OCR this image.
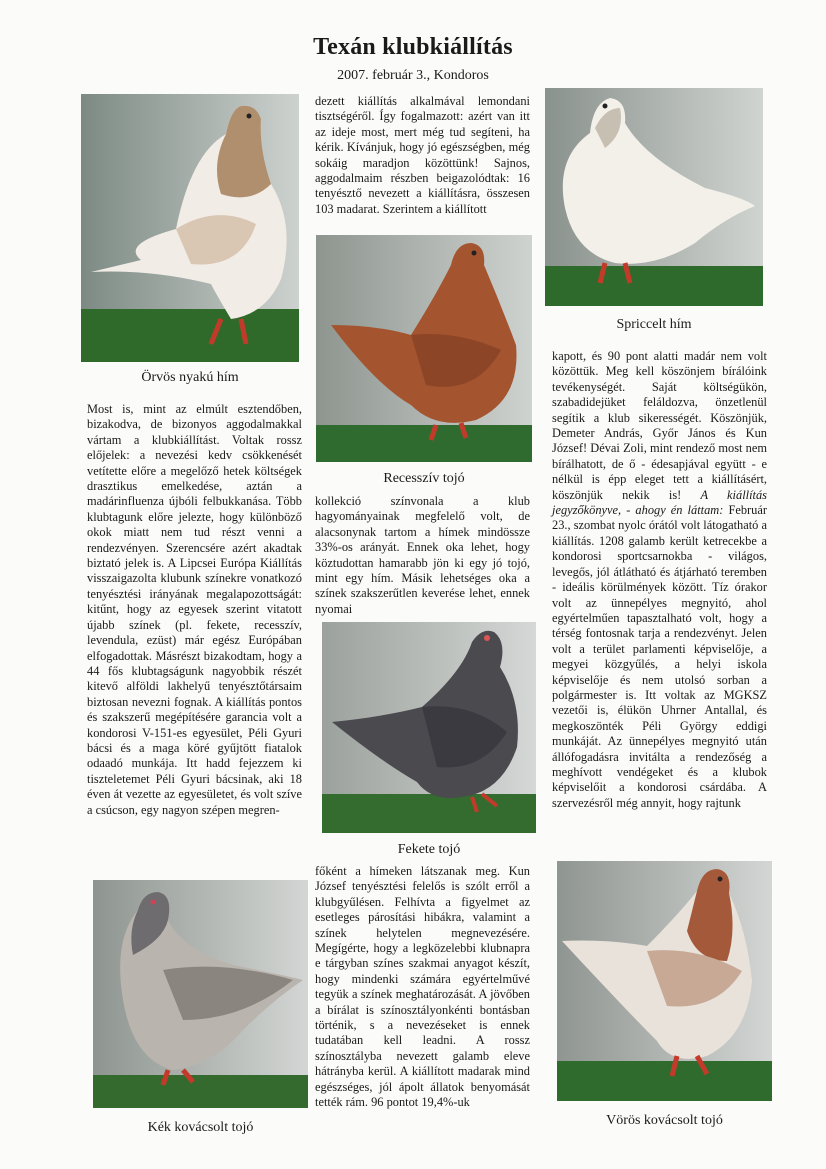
Texán klubkiállítás
2007. február 3., Kondoros
Örvös nyakú hím

Most is, mint az elmúlt esztendőben, bizakodva, de bizonyos aggodalmakkal vártam a klubkiállítást. Voltak rossz előjelek: a nevezési kedv csökkenését vetítette előre a megelőző hetek költségek drasztikus emelkedése, aztán a madárinfluenza újbóli felbukkanása. Több klubtagunk előre jelezte, hogy különböző okok miatt nem tud részt venni a rendezvényen. Szerencsére azért akadtak biztató jelek is. A Lipcsei Európa Kiállítás visszaigazolta klubunk színekre vonatkozó tenyésztési irányának megalapozottságát: kitűnt, hogy az egyesek szerint vitatott újabb színek (pl. fekete, recesszív, levendula, ezüst) már egész Európában elfogadottak. Másrészt bizakodtam, hogy a 44 fős klubtagságunk nagyobbik részét kitevő alföldi lakhelyű tenyésztőtársaim biztosan nevezni fognak. A kiállítás pontos és szakszerű megépítésére garancia volt a kondorosi V-151-es egyesület, Péli Gyuri bácsi és a maga köré gyűjtött fiatalok odaadó munkája. Itt hadd fejezzem ki tiszteletemet Péli Gyuri bácsinak, aki 18 éven át vezette az egyesületet, és volt szíve a csúcson, egy nagyon szépen megren-

Kék kovácsolt tojó

dezett kiállítás alkalmával lemondani tisztségéről. Így fogalmazott: azért van itt az ideje most, mert még tud segíteni, ha kérik. Kívánjuk, hogy jó egészségben, még sokáig maradjon közöttünk! Sajnos, aggodalmaim részben beigazolódtak: 16 tenyésztő nevezett a kiállításra, összesen 103 madarat. Szerintem a kiállított

Recesszív tojó

kollekció színvonala a klub hagyományainak megfelelő volt, de alacsonynak tartom a hímek mindössze 33%-os arányát. Ennek oka lehet, hogy köztudottan hamarabb jön ki egy jó tojó, mint egy hím. Másik lehetséges oka a színek szakszerűtlen keverése lehet, ennek nyomai

Fekete tojó

főként a hímeken látszanak meg. Kun József tenyésztési felelős is szólt erről a klubgyűlésen. Felhívta a figyelmet az esetleges párosítási hibákra, valamint a színek helytelen megnevezésére. Megígérte, hogy a legközelebbi klubnapra e tárgyban színes szakmai anyagot készít, hogy mindenki számára egyértelművé tegyük a színek meghatározását. A jövőben a bírálat is színosztályonkénti bontásban történik, s a nevezéseket is ennek tudatában kell leadni. A rossz színosztályba nevezett galamb eleve hátrányba kerül. A kiállított madarak mind egészséges, jól ápolt állatok benyomását tették rám. 96 pontot 19,4%-uk

Spriccelt hím

kapott, és 90 pont alatti madár nem volt közöttük. Meg kell köszönjem bírálóink tevékenységét. Saját költségükön, szabadidejüket feláldozva, önzetlenül segítik a klub sikerességét. Köszönjük, Demeter András, Győr János és Kun József! Dévai Zoli, mint rendező most nem bírálhatott, de ő - édesapjával együtt - e nélkül is épp eleget tett a kiállításért, köszönjük nekik is! A kiállítás jegyzőkönyve, - ahogy én láttam: Február 23., szombat nyolc órától volt látogatható a kiállítás. 1208 galamb került ketrecekbe a kondorosi sportcsarnokba - világos, levegős, jól átlátható és átjárható teremben - ideális körülmények között. Tíz órakor volt az ünnepélyes megnyitó, ahol egyértelműen tapasztalható volt, hogy a térség fontosnak tarja a rendezvényt. Jelen volt a terület parlamenti képviselője, a megyei közgyűlés, a helyi iskola képviselője és nem utolsó sorban a polgármester is. Itt voltak az MGKSZ vezetői is, élükön Uhrner Antallal, és megkoszönték Péli György eddigi munkáját. Az ünnepélyes megnyitó után állófogadásra invitálta a rendezőség a meghívott vendégeket és a klubok képviselőit a kondorosi csárdába. A szervezésről még annyit, hogy rajtunk

Vörös kovácsolt tojó
